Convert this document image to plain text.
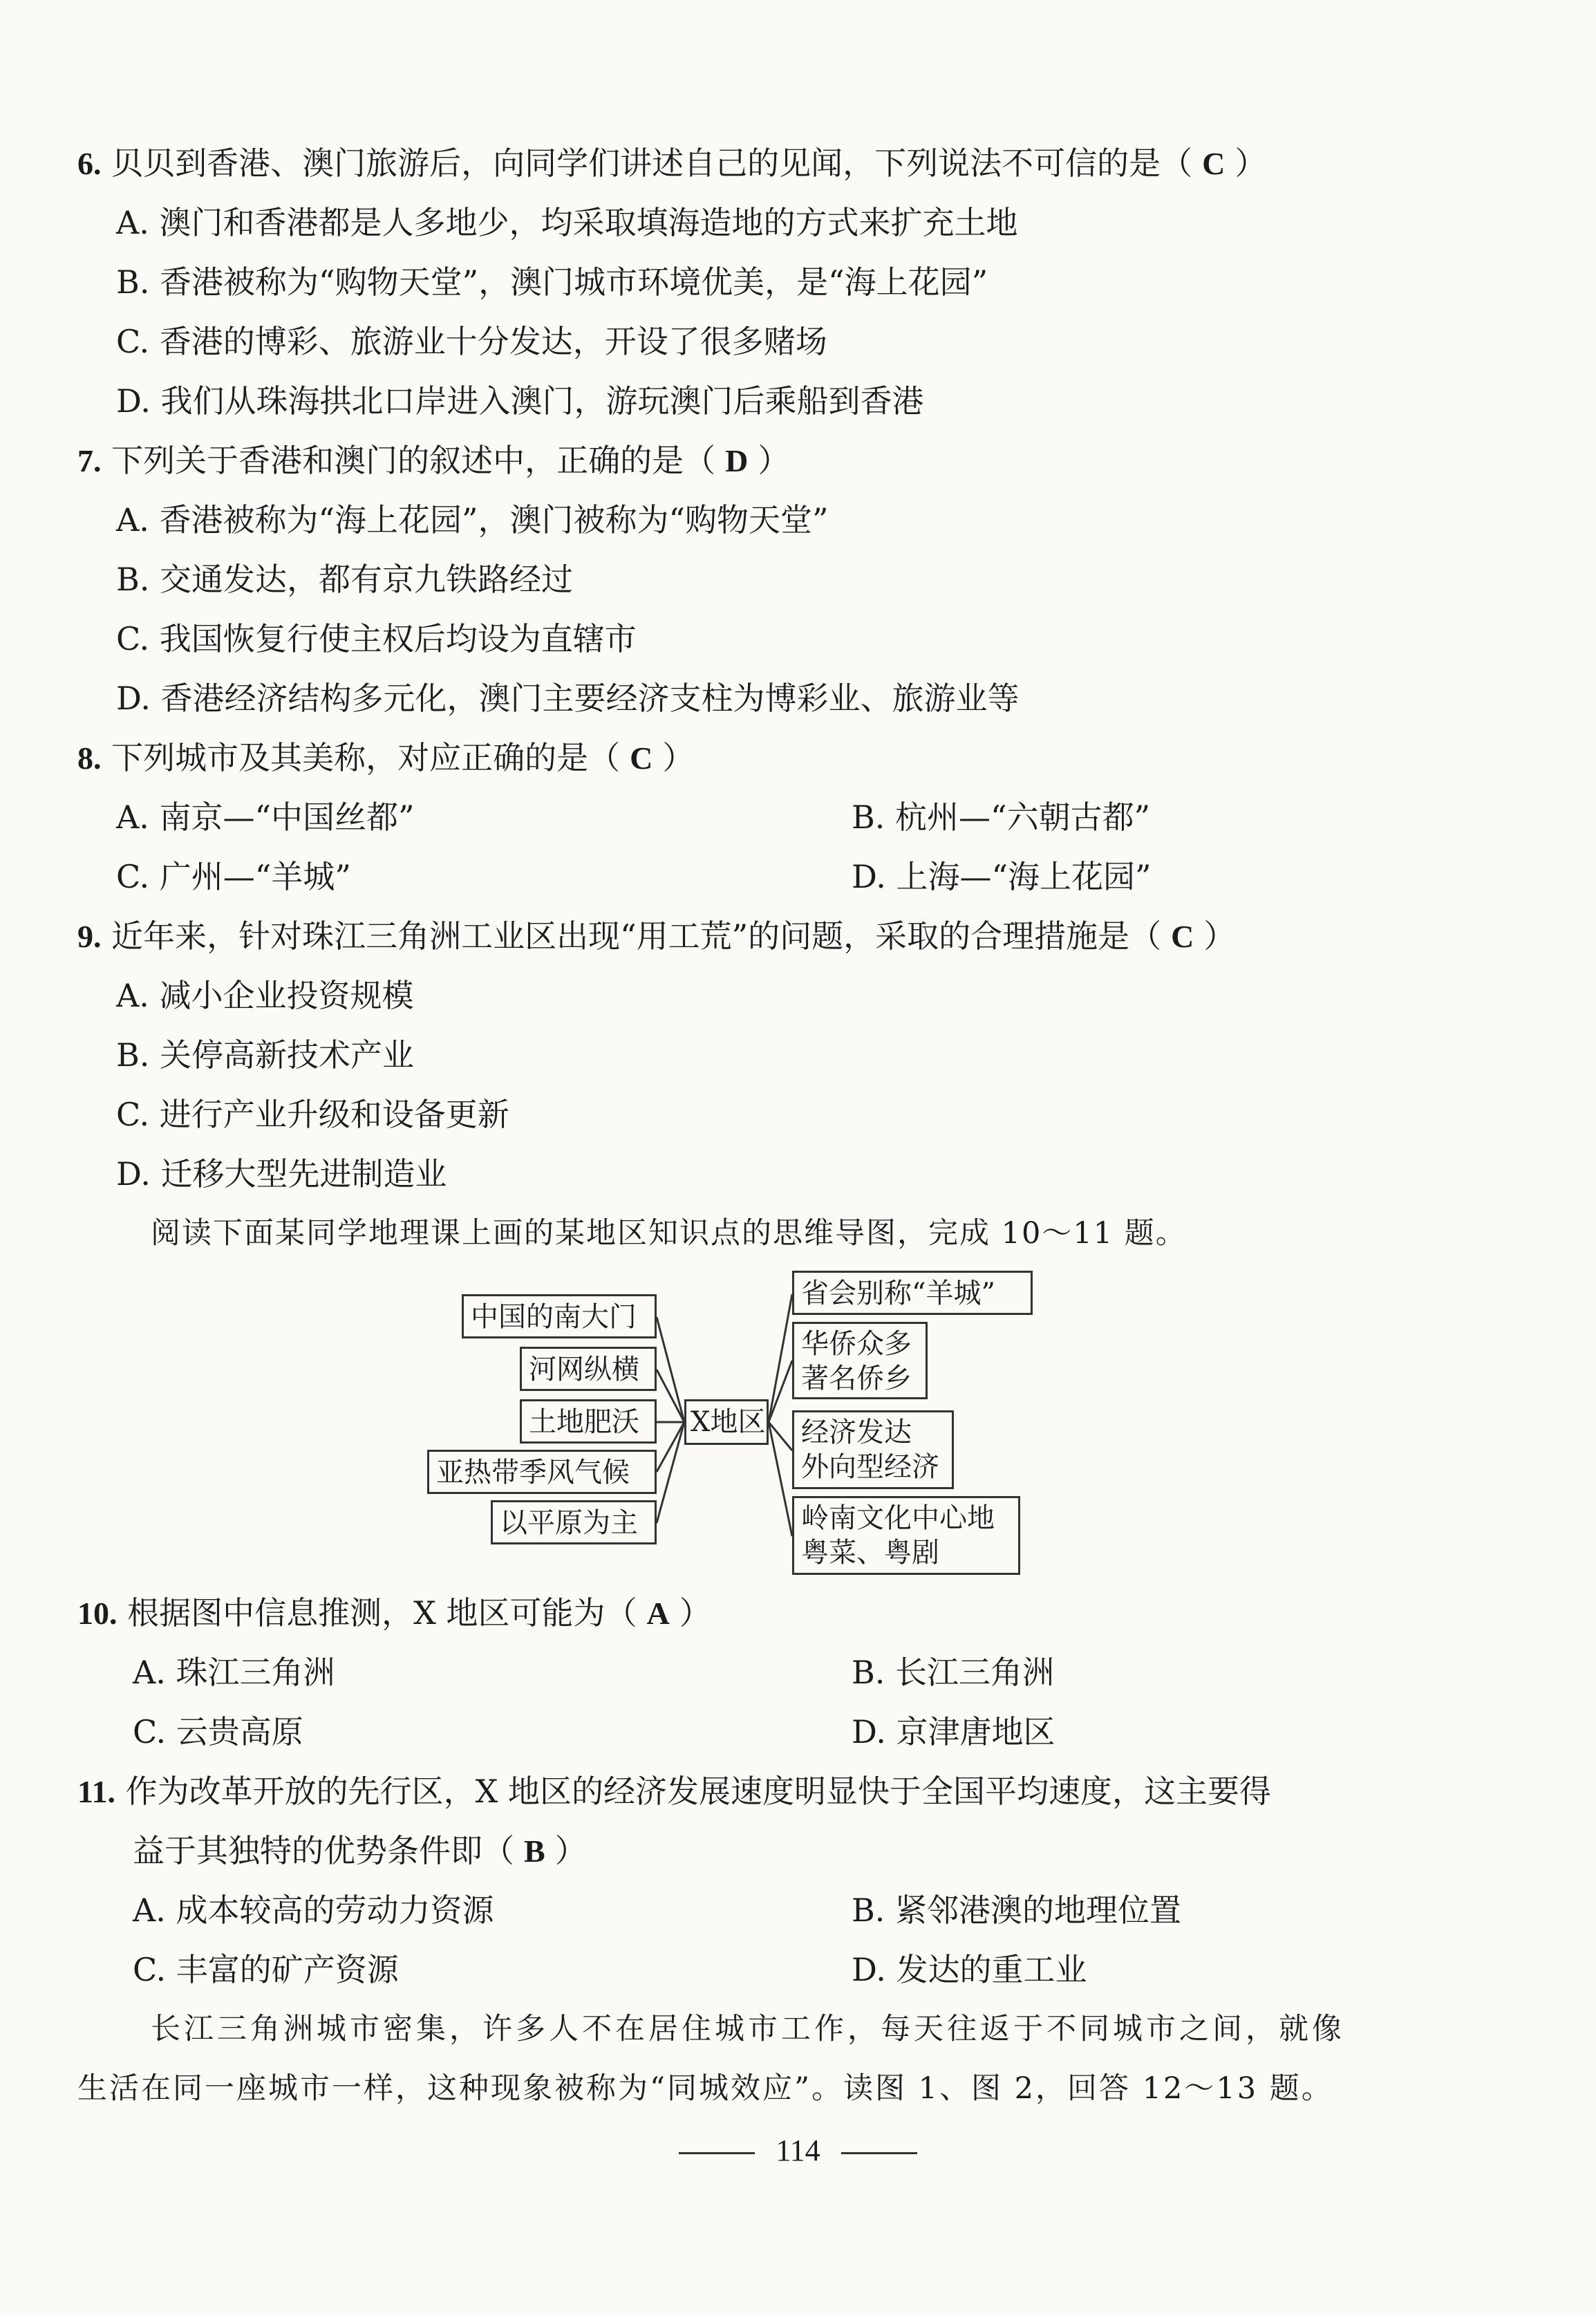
6. 贝贝到香港、澳门旅游后，向同学们讲述自己的见闻，下列说法不可信的是（ C ）
A. 澳门和香港都是人多地少，均采取填海造地的方式来扩充土地
B. 香港被称为“购物天堂”，澳门城市环境优美，是“海上花园”
C. 香港的博彩、旅游业十分发达，开设了很多赌场
D. 我们从珠海拱北口岸进入澳门，游玩澳门后乘船到香港
7. 下列关于香港和澳门的叙述中，正确的是（ D ）
A. 香港被称为“海上花园”，澳门被称为“购物天堂”
B. 交通发达，都有京九铁路经过
C. 我国恢复行使主权后均设为直辖市
D. 香港经济结构多元化，澳门主要经济支柱为博彩业、旅游业等
8. 下列城市及其美称，对应正确的是（ C ）
A. 南京—“中国丝都”	B. 杭州—“六朝古都”
C. 广州—“羊城”	D. 上海—“海上花园”
9. 近年来，针对珠江三角洲工业区出现“用工荒”的问题，采取的合理措施是（ C ）
A. 减小企业投资规模
B. 关停高新技术产业
C. 进行产业升级和设备更新
D. 迁移大型先进制造业
阅读下面某同学地理课上画的某地区知识点的思维导图，完成 10～11 题。
中国的南大门
河网纵横
土地肥沃
亚热带季风气候
以平原为主
X地区
省会别称“羊城”
华侨众多
著名侨乡
经济发达
外向型经济
岭南文化中心地
粤菜、粤剧
10. 根据图中信息推测，X 地区可能为（ A ）
A. 珠江三角洲	B. 长江三角洲
C. 云贵高原	D. 京津唐地区
11. 作为改革开放的先行区，X 地区的经济发展速度明显快于全国平均速度，这主要得
益于其独特的优势条件即（ B ）
A. 成本较高的劳动力资源	B. 紧邻港澳的地理位置
C. 丰富的矿产资源	D. 发达的重工业
长江三角洲城市密集，许多人不在居住城市工作，每天往返于不同城市之间，就像
生活在同一座城市一样，这种现象被称为“同城效应”。读图 1、图 2，回答 12～13 题。
114
